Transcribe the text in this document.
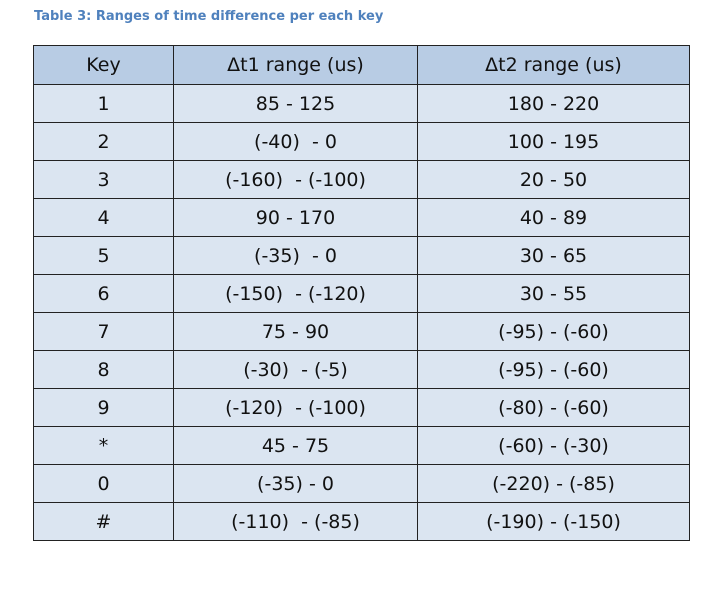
Table 3: Ranges of time difference per each key
Key	Δt1 range (us)	Δt2 range (us)
1	85 - 125	180 - 220
2	(-40)  - 0	100 - 195
3	(-160)  - (-100)	20 - 50
4	90 - 170	40 - 89
5	(-35)  - 0	30 - 65
6	(-150)  - (-120)	30 - 55
7	75 - 90	(-95) - (-60)
8	(-30)  - (-5)	(-95) - (-60)
9	(-120)  - (-100)	(-80) - (-60)
*	45 - 75	(-60) - (-30)
0	(-35) - 0	(-220) - (-85)
#	(-110)  - (-85)	(-190) - (-150)
